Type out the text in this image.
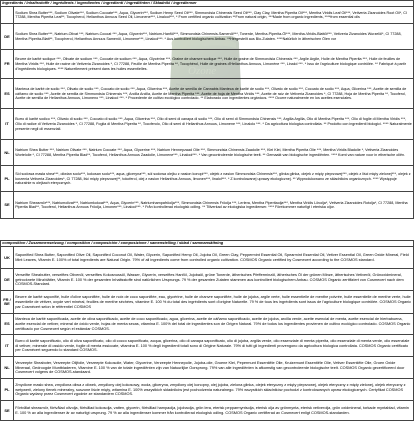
Ingredients / Inhaltsstoffe / ingrédients / ingredientes / ingredienti / ingrediënten / Składniki / ingredienser	
	Sodium Shea Butter***, Sodium Olivate***, Sodium Cocoate***, Aqua, Glycerin***, Sodium Hemp Seed Oil***, Simmondsia Chinensis Seed Oil***, Clay Clay, Mentha Piperita Oil***, Mentha Viridis Leaf Oil***, Vetiveria Zizanoides Root Oil*, CI 77288, Mentha Piperita Leaf**, Tocopherol, Helianthus Annuus Seed Oil, Limonene***, Linalool***, * From certified organic cultivation **From natural origin, ***Made from organic ingredients, ****from essential oils
DE	Sodium Shea Butter***, Natrium-Olivat ***, Natrium-Cocoat ***, Aqua, Glycerin***, Natrium-Hanföl***, Simmondsia Chinensis-Samenöl***, Tonerde, Mentha-Piperita-Öl***, Mentha-Viridis-Blattöl***, Vetiveria Zizanoides Wurzelöl*, CI 77288, Mentha Piperita-Blatt**, Tocopherol, Helianthus Annuus Samenöl, Limonene***, Linalool***. * Aus kontrolliert biologischem Anbau. **Hergestellt aus Bio-Zutaten. ****Natürlich in ätherischen Ölen vor
FR	Beurre de karité sodique ***, Olivate de sodium ***, Cocoate de sodium ***, Aqua, Glycérine ***, Graine de chanvre sodique ***, Huile de graine de Simmondsia Chinensis ***, Argile Argile, Huile de Mentha Piperita ***, Huile de feuilles de Mentha Viridis ***, Huile de racine de Vetiveria Zizanoides *, CI 77288, Feuille de Mentha Piperita **, Tocophérol, Huile de graines d'Helianthus Annuus, Limonène ***, Linalol ***. * Issu de l'agriculture biologique contrôlée. ** Fabriqué à partir d'ingrédients biologiques. **** Naturellement présent dans les huiles essentielles.
ES	Manteca de karité de sodio ***, Olivato de sodio ***, Cocoato de sodio ***, Aqua, Glicerina ***, Aceite de semilla de Cannabis Manteca de karité de sodio ***, Olivato de sodio ***, Cocoato de sodio ***, Aqua, Glicerina ***, Aceite de semilla de cáñamo de sodio ***, Aceite de semilla de Simmondsia Chinensis ***, Arcilla Arcilla, Aceite de Mentha Piperita ***, Aceite de hoja de Mentha Viridis ***, Aceite de raíz de Vetiveria Zizanoides *, CI 77288, Hoja de Mentha Piperita **, Tocoferol, Aceite de semilla de Helianthus Annuus, Limoneno ***, Linalool ***. * Procedente de cultivo ecológico controlado. ** Elaborado con ingredientes orgánicos. **** Ocurre naturalmente en los aceites esenciales.
IT	Burro di karitè sodico ***, Olivato di sodio ***, Cocoato di sodio ***, Aqua, Glicerina ***, Olio di semi di canapa di sodio ***, Olio di semi di Simmondsia Chinensis ***, Argilla Argilla, Olio di Mentha Piperita ***, Olio di foglie di Mentha Viridis ***, Olio di radice di Vetiveria Zizanoides *, CI 77288, Foglia di Mentha Piperita **, Tocoferolo, Olio di semi di Helianthus Annuus, Limonene ***, Linalolo ***. * Da agricoltura biologica controllata. ** Prodotto con ingredienti biologici. **** Naturalmente presente negli oli essenziali.
NL	Natrium Shea Butter ***, Natrium Olivate ***, Natrium Cocoate ***, Aqua, Glycerine ***, Natrium Hennepzaad Olie ***, Simmondsia Chinensis Zaadolie ***, Klei Klei, Mentha Piperita Olie ***, Mentha Viridis Bladolie *, Vetiveria Zizanoides Wortelolie *, CI 77288, Mentha Piperita Blad**, Tocoferol, Helianthus Annuus Zaadolie, Limonene***, Linalool***. * Van gecontroleerde biologische teelt. ** Gemaakt van biologische ingrediënten. **** Komt van nature voor in etherische oliën.
PL	Sól sodowa masła shea***, oliwian sodu***, kokosan sodu***, aqua, gliceryna***, sól sodowa olejku z nasion konopi***, olejek z nasion Simmondsia Chinensis***, glinka glinka, olejek z mięty pieprzowej***, olejek z liści mięty zielonej***, olejek z korzenia Vetiveria Zizanoides*, CI 77288, liść mięty pieprzowej**, tokoferol, olej z nasion Helianthus Annuus, limonen***, linalol***. * Z kontrolowanej uprawy ekologicznej. ** Wyprodukowano ze składników organicznych. **** Występuje naturalnie w olejkach eterycznych.
SE	Natrium Sheasmör***, Natriumolivat***, Natriumkokoat***, Aqua, Glycerin***, Natriumhampafröolja***, Simmondsia Chinensis Fröolja ***, Lerlera, Mentha Piperitaolja***, Mentha Viridis Lövolja*, Vetiveria Zizanoides Rotolja*, CI 77288, Mentha Piperita Blad**, Tocoferol, Helianthus Annuus Fröolja, Limonen***, Linalool***. * Från kontrollerad ekologisk odling. ** Tillverkad av ekologiska ingredienser. **** Förekommer naturligt i eteriska oljor.
composition / Zusammensetzung / composition / composición / composizione / samenstelling / skład / sammansättning	
UK	Saponified Shea Butter, Saponified Olive Oil, Saponified Coconut Oil, Water, Glycerin, Saponified Hemp Oil, Jojoba Oil, Green Clay, Peppermint Essential Oil, Spearmint Essential Oil, Vetiver Essential Oil, Green Oxide Mineral, Field Mint Leaves, Vitamin E. 100% of total ingredients are Natural Origin. 79% of all ingredients come from controlled organic cultivation. COSMOS Organic certified by Cosmecert according to the COSMOS standard.
DE	Verseifte Sheabutter, verseiftes Olivenöl, verseiftes Kokosnussöl, Wasser, Glycerin, verseiftes Hanföl, Jojobaöl, grüne Tonerde, ätherisches Pfefferminzöl, ätherisches Öl der grünen Minze, ätherisches Vetiveröl, Grünoxidmineral, getrocknete Minzblätter, Vitamin E. 100 % der gesamten Inhaltsstoffe sind natürlichen Ursprungs. 79 % der gesamten Zutaten stammen aus kontrolliert biologischem Anbau. COSMOS Organic zertifiziert von Cosmecert nach dem COSMOS-Standard.
FR / BE	Beurre de karité saponifié, huile d'olive saponifiée, huile de noix de coco saponifiée, eau, glycérine, huile de chanvre saponifiée, huile de jojoba, argile verte, huile essentielle de menthe poivrée, huile essentielle de menthe verte, huile essentielle de vétiver, oxyde vert minéral, feuilles de menthe séchées, vitamine E. 100 % du total des ingrédients sont d'origine Naturelle. 79 % de tous les ingrédients sont issus de l'agriculture biologique contrôlée. COSMOS Organic par Cosmécert selon le référentiel COSMOS
ES	Manteca de karité saponificada, aceite de oliva saponificado, aceite de coco saponificado, agua, glicerina, aceite de cáñamo saponificado, aceite de jojoba, arcilla verde, aceite esencial de menta, aceite esencial de hierbabuena, aceite esencial de vetiver, mineral de óxido verde, hojas de menta secas, vitamina E. 100% del total de ingredientes son de Origen Natural. 79% de todos los ingredientes provienen de cultivo ecológico controlado. COSMOS Organic certificado por Cosmecert según el estándar COSMOS.
IT	Burro di karitè saponificato, olio di oliva saponificato, olio di cocco saponificato, acqua, glicerina, olio di canapa saponificato, olio di jojoba, argilla verde, olio essenziale di menta piperita, olio essenziale di menta verde, olio essenziale di vetiver, minerale di ossido verde, foglie di menta essiccate, vitamina E. 100 % degli ingredienti totali sono di Origine Naturale. 79% di tutti gli ingredienti provengono da agricoltura biologica controllata. COSMOS Organic certificato per Cosmécert seguendo lo standard COSMOS.
NL	Verzeepte Sheaboter, Verzeepte Olijfolie, Verzeepte Kokosolie, Water, Glycerine, Verzeepte Hennepolie, Jojoba-olie, Groene Klei, Pepermunt Essentiële Olie, Kruizemunt Essentiële Olie, Vetiver Essentiële Olie, Groen Oxide Mineraal, Gedroogde Muntbladeren, Vitamine E. 100 % van de totale ingrediënten zijn van Natuurlijke Oorsprong. 79% van alle ingrediënten is afkomstig van gecontroleerde biologische teelt. COSMOS Organic gecertificeerd door Cosmecert volgens de COSMOS-standaard.
PL	Zmydlone masło shea, zmydlona oliwa z oliwek, zmydlony olej kokosowy, woda, gliceryna, zmydlony olej konopny, olej jojoba, zielona glinka, olejek eteryczny z mięty pieprzowej, olejek eteryczny z mięty zielonej, olejek eteryczny z wetywerii, zielony tlenek mineralny, suszone liście mięty, witamina E. 100% wszystkich składników jest pochodzenia naturalnego. 79% wszystkich składników pochodzi z kontrolowanych upraw ekologicznych. Certyfikat COSMOS Organic wydany przez Cosmecert zgodnie ze standardem COSMOS.
SE	Förtvålat sheasmör, förtvålad olivolja, förtvålad kokosolja, vatten, glycerin, förtvålad hampaolja, jojobaolja, grön lera, eterisk pepparmyntsolja, eterisk olja av grönmynta, eterisk vetiverolja, grön oxidmineral, torkade myntablad, vitamin E. 100 % av alla ingredienser är av naturligt ursprung. 79 % av alla ingredienser kommer från kontrollerad ekologisk odling. COSMOS Organic certifierad av Cosmecert enligt COSMOS-standarden.
